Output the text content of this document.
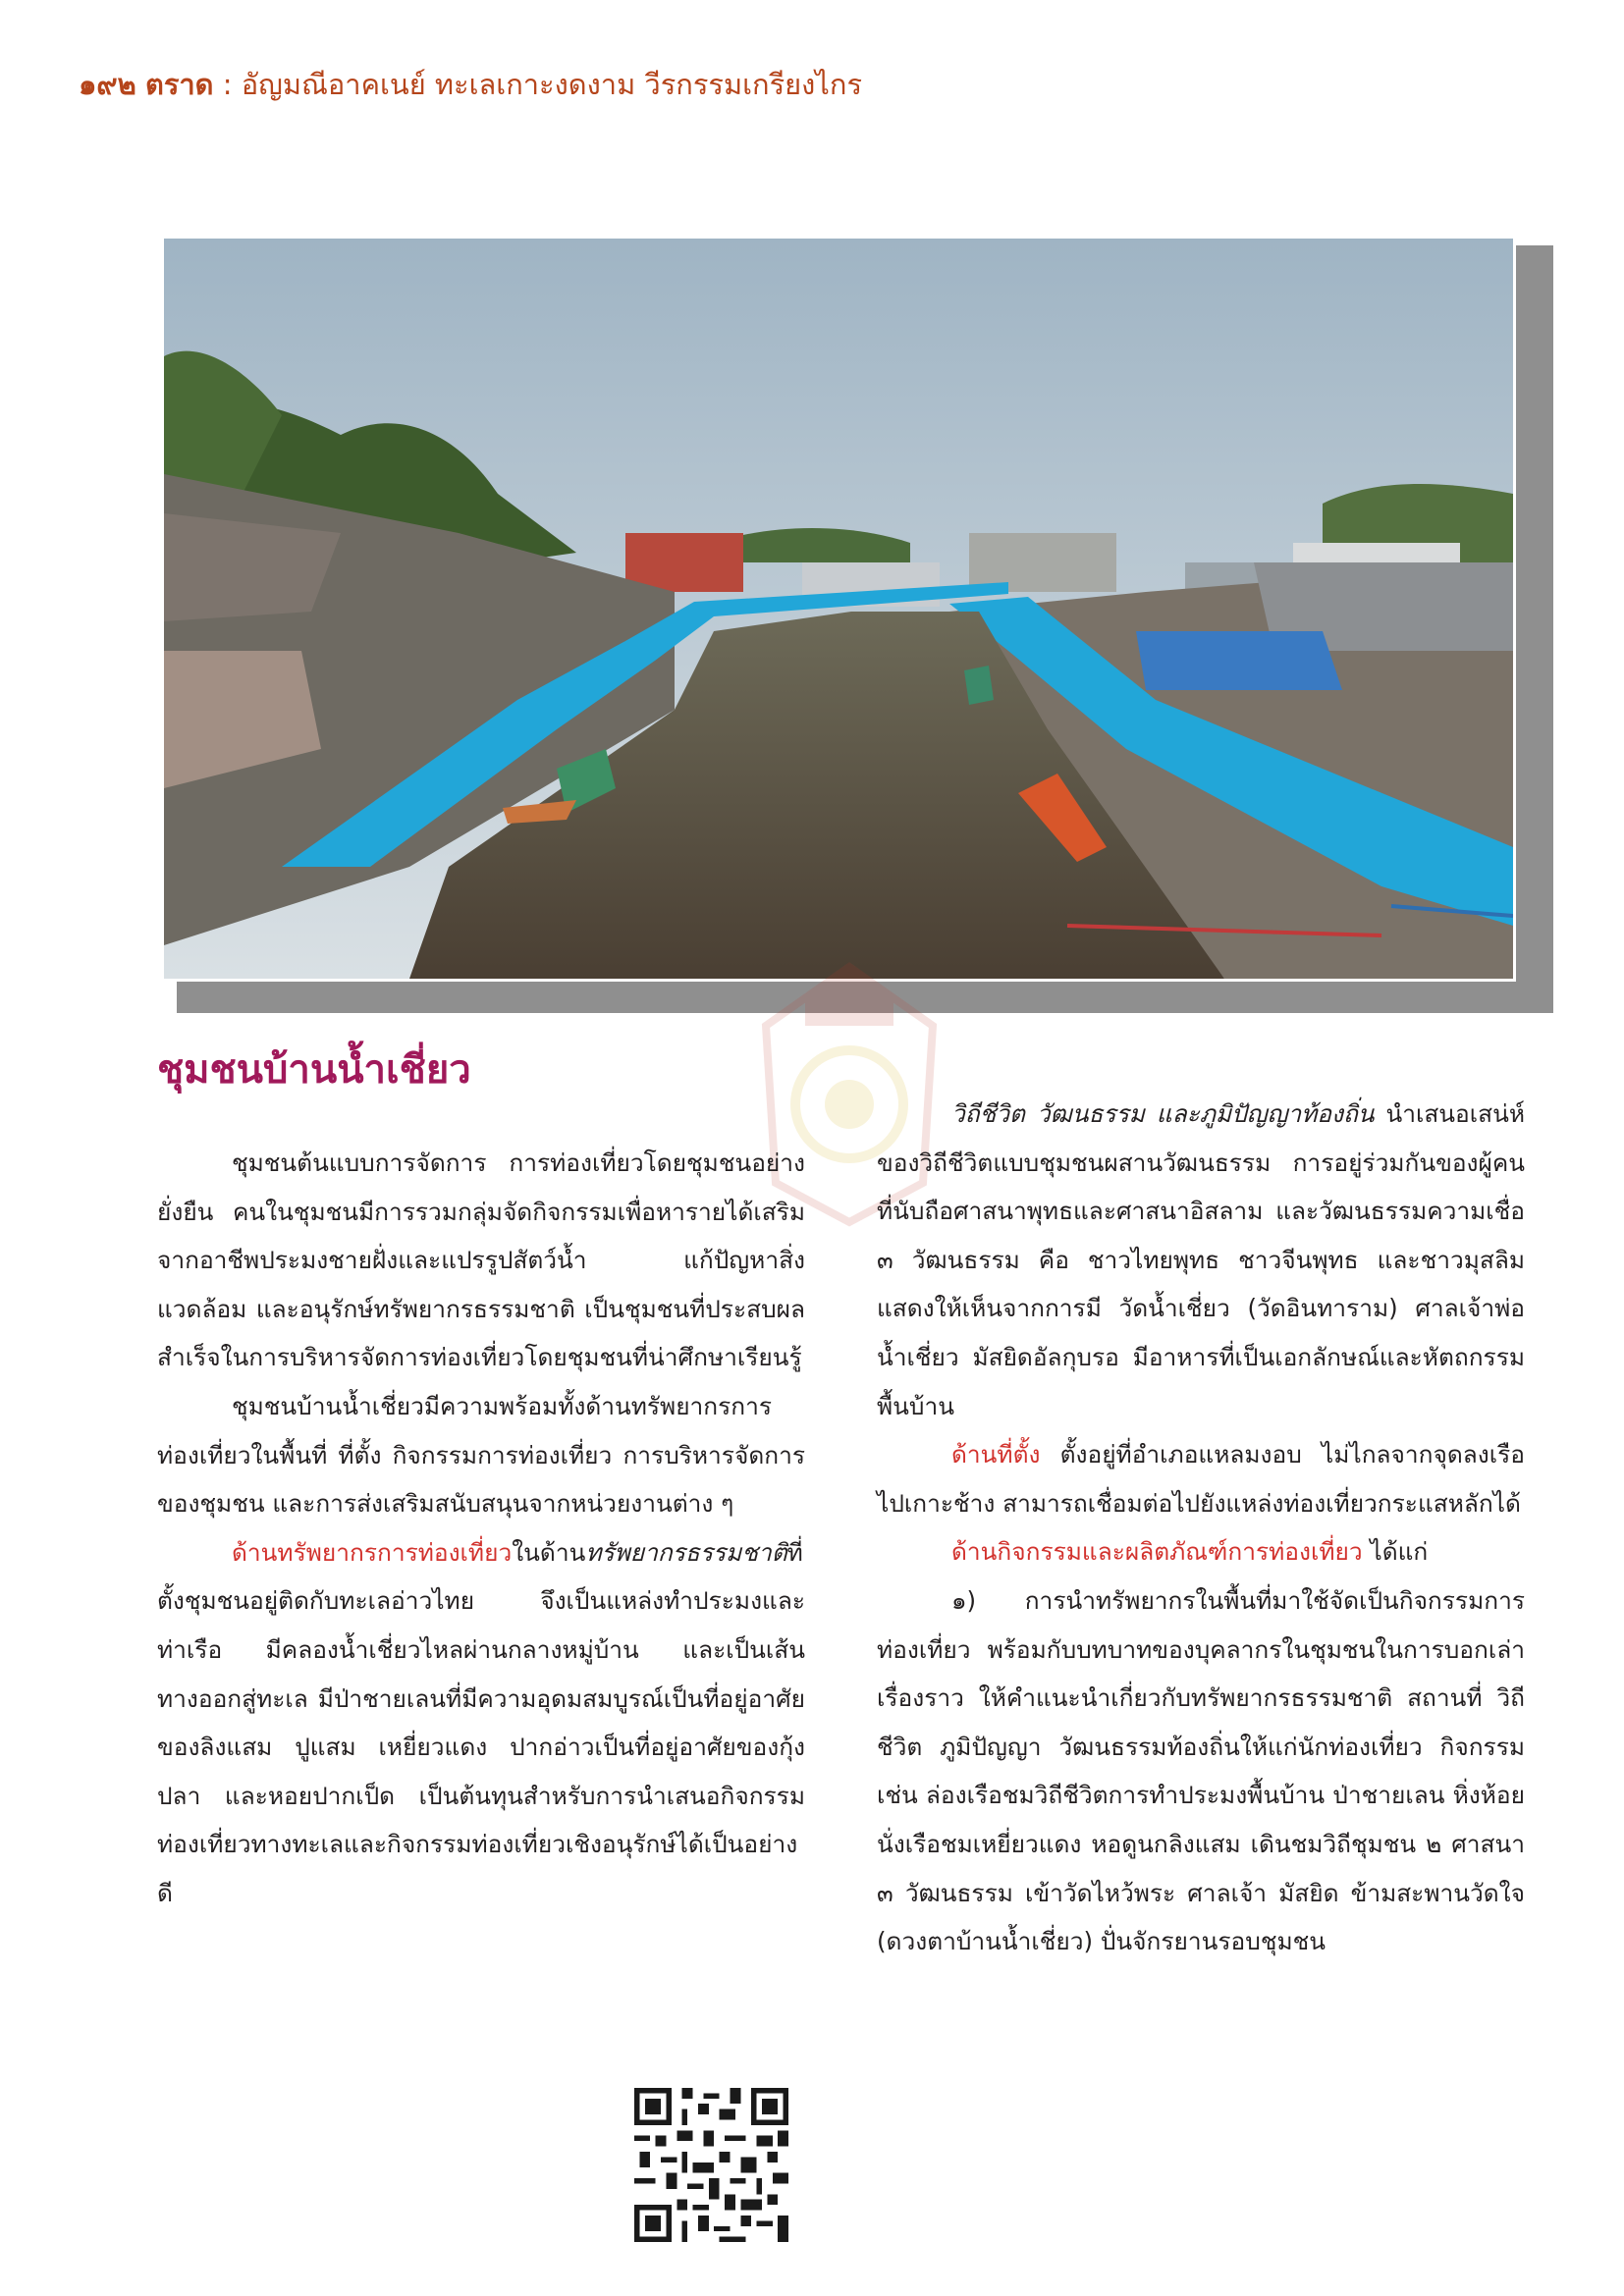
๑๙๒ ตราด : อัญมณีอาคเนย์ ทะเลเกาะงดงาม วีรกรรมเกรียงไกร
ชุมชนบ้านน้ำเชี่ยว

ชุมชนต้นแบบการจัดการ การท่องเที่ยวโดยชุมชนอย่างยั่งยืน คนในชุมชนมีการรวมกลุ่มจัดกิจกรรมเพื่อหารายได้เสริมจากอาชีพประมงชายฝั่งและแปรรูปสัตว์น้ำ แก้ปัญหาสิ่งแวดล้อม และอนุรักษ์ทรัพยากรธรรมชาติ เป็นชุมชนที่ประสบผลสำเร็จในการบริหารจัดการท่องเที่ยวโดยชุมชนที่น่าศึกษาเรียนรู้

ชุมชนบ้านน้ำเชี่ยวมีความพร้อมทั้งด้านทรัพยากรการท่องเที่ยวในพื้นที่ ที่ตั้ง กิจกรรมการท่องเที่ยว การบริหารจัดการของชุมชน และการส่งเสริมสนับสนุนจากหน่วยงานต่าง ๆ

ด้านทรัพยากรการท่องเที่ยวในด้านทรัพยากรธรรมชาติที่ตั้งชุมชนอยู่ติดกับทะเลอ่าวไทย จึงเป็นแหล่งทำประมงและท่าเรือ มีคลองน้ำเชี่ยวไหลผ่านกลางหมู่บ้าน และเป็นเส้นทางออกสู่ทะเล มีป่าชายเลนที่มีความอุดมสมบูรณ์เป็นที่อยู่อาศัยของลิงแสม ปูแสม เหยี่ยวแดง ปากอ่าวเป็นที่อยู่อาศัยของกุ้ง ปลา และหอยปากเป็ด เป็นต้นทุนสำหรับการนำเสนอกิจกรรมท่องเที่ยวทางทะเลและกิจกรรมท่องเที่ยวเชิงอนุรักษ์ได้เป็นอย่างดี

วิถีชีวิต วัฒนธรรม และภูมิปัญญาท้องถิ่น นำเสนอเสน่ห์ของวิถีชีวิตแบบชุมชนผสานวัฒนธรรม การอยู่ร่วมกันของผู้คนที่นับถือศาสนาพุทธและศาสนาอิสลาม และวัฒนธรรมความเชื่อ ๓ วัฒนธรรม คือ ชาวไทยพุทธ ชาวจีนพุทธ และชาวมุสลิม แสดงให้เห็นจากการมี วัดน้ำเชี่ยว (วัดอินทาราม) ศาลเจ้าพ่อน้ำเชี่ยว มัสยิดอัลกุบรอ มีอาหารที่เป็นเอกลักษณ์และหัตถกรรมพื้นบ้าน

ด้านที่ตั้ง ตั้งอยู่ที่อำเภอแหลมงอบ ไม่ไกลจากจุดลงเรือไปเกาะช้าง สามารถเชื่อมต่อไปยังแหล่งท่องเที่ยวกระแสหลักได้

ด้านกิจกรรมและผลิตภัณฑ์การท่องเที่ยว ได้แก่

๑) การนำทรัพยากรในพื้นที่มาใช้จัดเป็นกิจกรรมการท่องเที่ยว พร้อมกับบทบาทของบุคลากรในชุมชนในการบอกเล่าเรื่องราว ให้คำแนะนำเกี่ยวกับทรัพยากรธรรมชาติ สถานที่ วิถีชีวิต ภูมิปัญญา วัฒนธรรมท้องถิ่นให้แก่นักท่องเที่ยว กิจกรรม เช่น ล่องเรือชมวิถีชีวิตการทำประมงพื้นบ้าน ป่าชายเลน หิ่งห้อย นั่งเรือชมเหยี่ยวแดง หอดูนกลิงแสม เดินชมวิถีชุมชน ๒ ศาสนา ๓ วัฒนธรรม เข้าวัดไหว้พระ ศาลเจ้า มัสยิด ข้ามสะพานวัดใจ (ดวงตาบ้านน้ำเชี่ยว) ปั่นจักรยานรอบชุมชน
